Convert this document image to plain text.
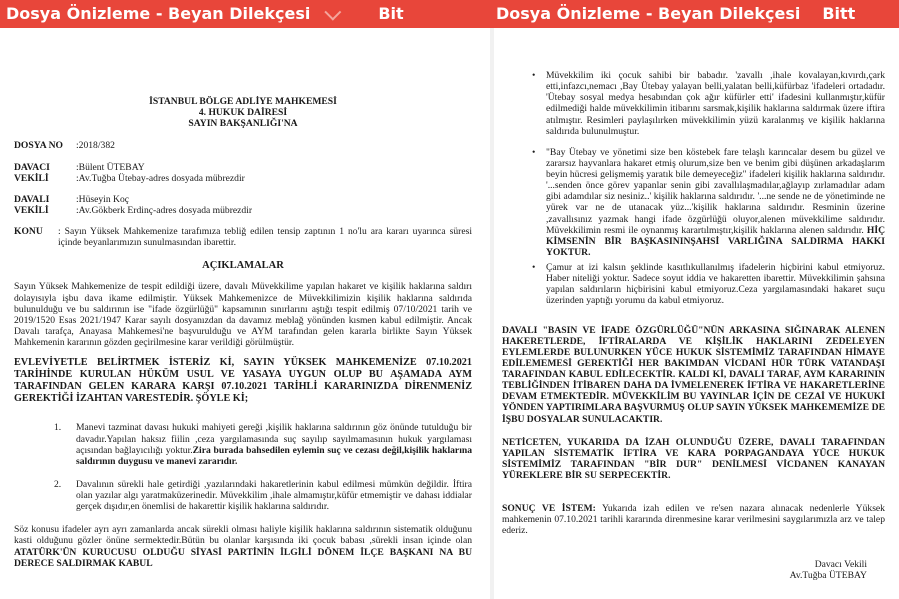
Dosya Önizleme - Beyan Dilekçesi	Bit	Dosya Önizleme - Beyan Dilekçesi Bitt

İSTANBUL BÖLGE ADLİYE MAHKEMESİ

4. HUKUK DAİRESİ

SAYIN BAKŞANLIĞI'NA

DOSYA NO	:2018/382
DAVACI	:Bülent ÜTEBAY
VEKİLİ	:Av.Tuğba Ütebay-adres dosyada mübrezdir
DAVALI	:Hüseyin Koç
VEKİLİ	:Av.Gökberk Erdinç-adres dosyada mübrezdir
KONU	: Sayın Yüksek Mahkemenize tarafımıza tebliğ edilen tensip zaptının 1 no'lu ara kararı uyarınca süresi içinde beyanlarımızın sunulmasından ibarettir.

AÇIKLAMALAR

Sayın Yüksek Mahkemenize de tespit edildiği üzere, davalı Müvekkilime yapılan hakaret ve kişilik haklarına saldırı dolayısıyla işbu dava ikame edilmiştir. Yüksek Mahkemenizce de Müvekkilimizin kişilik haklarına saldırıda bulunulduğu ve bu saldırının ise "ifade özgürlüğü" kapsamının sınırlarını aştığı tespit edilmiş 07/10/2021 tarih ve 2019/1520 Esas 2021/1947 Karar sayılı dosyanızdan da davamız meblağ yönünden kısmen kabul edilmiştir. Ancak Davalı tarafça, Anayasa Mahkemesi'ne başvurulduğu ve AYM tarafından gelen kararla birlikte Sayın Yüksek Mahkemenin kararının gözden geçirilmesine karar verildiği görülmüştür.

EVLEVİYETLE BELİRTMEK İSTERİZ Kİ, SAYIN YÜKSEK MAHKEMENİZE 07.10.2021 TARİHİNDE KURULAN HÜKÜM USUL VE YASAYA UYGUN OLUP BU AŞAMADA AYM TARAFINDAN GELEN KARARA KARŞI 07.10.2021 TARİHLİ KARARINIZDA DİRENMENİZ GEREKTİĞİ İZAHTAN VARESTEDİR. ŞÖYLE Kİ;

1.	Manevi tazminat davası hukuki mahiyeti gereği ,kişilik haklarına saldırının göz önünde tutulduğu bir davadır.Yapılan haksız fiilin ,ceza yargılamasında suç sayılıp sayılmamasının hukuk yargılaması açısından bağlayıcılığı yoktur.Zira burada bahsedilen eylemin suç ve cezası değil,kişilik haklarına saldırının duygusu ve manevi zararıdır.

2.	Davalının sürekli hale getirdiği ,yazılarındaki hakaretlerinin kabul edilmesi mümkün değildir. İftira olan yazılar algı yaratmaküzerinedir. Müvekkilim ,ihale almamıştır,küfür etmemiştir ve dahası iddialar gerçek dışıdır,en önemlisi de hakarettir kişilik haklarına saldırıdır.

Söz konusu ifadeler ayrı ayrı zamanlarda ancak sürekli olması haliyle kişilik haklarına saldırının sistematik olduğunu kasti olduğunu gözler önüne sermektedir.Bütün bu olanlar karşısında iki çocuk babası ,sürekli insan içinde olan ATATÜRK'ÜN KURUCUSU OLDUĞU SİYASİ PARTİNİN İLGİLİ DÖNEM İLÇE BAŞKANI NA BU DERECE SALDIRMAK KABUL

•	Müvekkilim iki çocuk sahibi bir babadır. 'zavallı ,ihale kovalayan,kıvırdı,çark etti,infazcı,nemacı ,Bay Ütebay yalayan belli,yalatan belli,küfürbaz 'ifadeleri ortadadır. 'Ütebay sosyal medya hesabından çok ağır küfürler etti' ifadesini kullanmıştır,küfür edilmediği halde müvekkilimin itibarını sarsmak,kişilik haklarına saldırmak üzere iftira atılmıştır. Resimleri paylaşılırken müvekkilimin yüzü karalanmış ve kişilik haklarına saldırıda bulunulmuştur.

•	"Bay Ütebay ve yönetimi size ben köstebek fare telaşlı karıncalar desem bu güzel ve zararsız hayvanlara hakaret etmiş olurum,size ben ve benim gibi düşünen arkadaşlarım beyin hücresi gelişmemiş yaratık bile demeyeceğiz" ifadeleri kişilik haklarına saldırıdır. '...senden önce görev yapanlar senin gibi zavallılaşmadılar,ağlayıp zırlamadılar adam gibi adamdılar siz nesiniz..' kişilik haklarına saldırıdır. '...ne sende ne de yönetiminde ne yürek var ne de utanacak yüz...'kişilik haklarına saldırıdır. Resminin üzerine ,zavallısınız yazmak hangi ifade özgürlüğü oluyor,alenen müvekkilime saldırıdır. Müvekkilimin resmi ile oynanmış karartılmıştır,kişilik haklarına alenen saldırıdır. HİÇ KİMSENİN BİR BAŞKASININŞAHSİ VARLIĞINA SALDIRMA HAKKI YOKTUR.

•	Çamur at izi kalsın şeklinde kasıtlıkullanılmış ifadelerin hiçbirini kabul etmiyoruz. Haber niteliği yoktur. Sadece soyut iddia ve hakaretten ibarettir. Müvekkilimin şahsına yapılan saldırıların hiçbirisini kabul etmiyoruz.Ceza yargılamasındaki hakaret suçu üzerinden yaptığı yorumu da kabul etmiyoruz.

DAVALI "BASIN VE İFADE ÖZGÜRLÜĞÜ"NÜN ARKASINA SIĞINARAK ALENEN HAKERETLERDE, İFTİRALARDA VE KİŞİLİK HAKLARINI ZEDELEYEN EYLEMLERDE BULUNURKEN YÜCE HUKUK SİSTEMİMİZ TARAFINDAN HİMAYE EDİLEMEMESİ GEREKTİĞİ HER BAKIMDAN VİCDANİ HÜR TÜRK VATANDAŞI TARAFINDAN KABUL EDİLECEKTİR. KALDI Kİ, DAVALI TARAF, AYM KARARININ TEBLİĞİNDEN İTİBAREN DAHA DA İVMELENEREK İFTİRA VE HAKARETLERİNE DEVAM ETMEKTEDİR. MÜVEKKİLİM BU YAYINLAR İÇİN DE CEZAİ VE HUKUKİ YÖNDEN YAPTIRIMLARA BAŞVURMUŞ OLUP SAYIN YÜKSEK MAHKEMEMİZE DE İŞBU DOSYALAR SUNULACAKTIR.

NETİCETEN, YUKARIDA DA İZAH OLUNDUĞU ÜZERE, DAVALI TARAFINDAN YAPILAN SİSTEMATİK İFTİRA VE KARA PORPAGANDAYA YÜCE HUKUK SİSTEMİMİZ TARAFINDAN "BİR DUR" DENİLMESİ VİCDANEN KANAYAN YÜREKLERE BİR SU SERPECEKTİR.

SONUÇ VE İSTEM: Yukarıda izah edilen ve re'sen nazara alınacak nedenlerle Yüksek mahkemenin 07.10.2021 tarihli kararında direnmesine karar verilmesini saygılarımızla arz ve talep ederiz.

Davacı Vekili

Av.Tuğba ÜTEBAY
